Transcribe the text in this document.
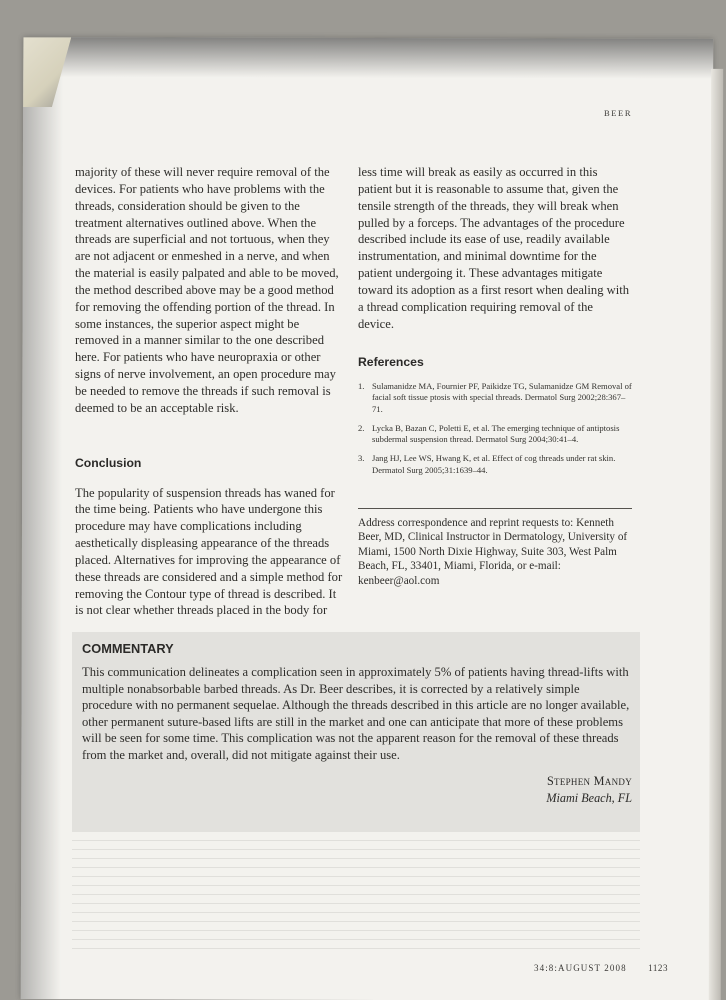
BEER

majority of these will never require removal of the devices. For patients who have problems with the threads, consideration should be given to the treatment alternatives outlined above. When the threads are superficial and not tortuous, when they are not adjacent or enmeshed in a nerve, and when the material is easily palpated and able to be moved, the method described above may be a good method for removing the offending portion of the thread. In some instances, the superior aspect might be removed in a manner similar to the one described here. For patients who have neuropraxia or other signs of nerve involvement, an open procedure may be needed to remove the threads if such removal is deemed to be an acceptable risk.

Conclusion

The popularity of suspension threads has waned for the time being. Patients who have undergone this procedure may have complications including aesthetically displeasing appearance of the threads placed. Alternatives for improving the appearance of these threads are considered and a simple method for removing the Contour type of thread is described. It is not clear whether threads placed in the body for

less time will break as easily as occurred in this patient but it is reasonable to assume that, given the tensile strength of the threads, they will break when pulled by a forceps. The advantages of the procedure described include its ease of use, readily available instrumentation, and minimal downtime for the patient undergoing it. These advantages mitigate toward its adoption as a first resort when dealing with a thread complication requiring removal of the device.

References
1. Sulamanidze MA, Fournier PF, Paikidze TG, Sulamanidze GM Removal of facial soft tissue ptosis with special threads. Dermatol Surg 2002;28:367–71.
2. Lycka B, Bazan C, Poletti E, et al. The emerging technique of antiptosis subdermal suspension thread. Dermatol Surg 2004;30:41–4.
3. Jang HJ, Lee WS, Hwang K, et al. Effect of cog threads under rat skin. Dermatol Surg 2005;31:1639–44.

Address correspondence and reprint requests to: Kenneth Beer, MD, Clinical Instructor in Dermatology, University of Miami, 1500 North Dixie Highway, Suite 303, West Palm Beach, FL, 33401, Miami, Florida, or e-mail: kenbeer@aol.com

COMMENTARY

This communication delineates a complication seen in approximately 5% of patients having thread-lifts with multiple nonabsorbable barbed threads. As Dr. Beer describes, it is corrected by a relatively simple procedure with no permanent sequelae. Although the threads described in this article are no longer available, other permanent suture-based lifts are still in the market and one can anticipate that more of these problems will be seen for some time. This complication was not the apparent reason for the removal of these threads from the market and, overall, did not mitigate against their use.

Stephen Mandy
Miami Beach, FL
34:8:AUGUST 2008 1123
